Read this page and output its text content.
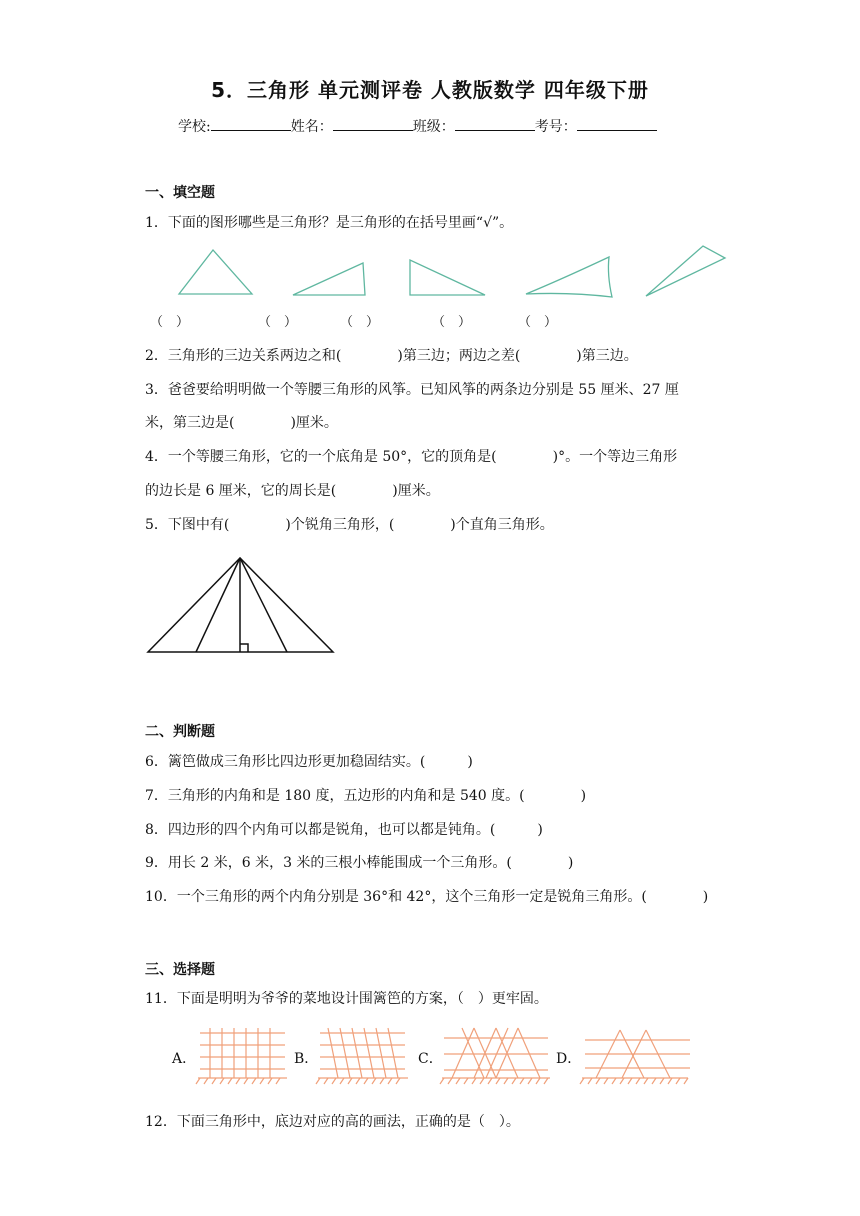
5．三角形 单元测评卷 人教版数学 四年级下册
学校:	姓名：	班级：	考号：
一、填空题
1．下面的图形哪些是三角形？是三角形的在括号里画“√”。
（　）	（　）	（　）	（　）	（　）
2．三角形的三边关系两边之和(　　　　)第三边；两边之差(　　　　)第三边。
3．爸爸要给明明做一个等腰三角形的风筝。已知风筝的两条边分别是 55 厘米、27 厘
米，第三边是(　　　　)厘米。
4．一个等腰三角形，它的一个底角是 50°，它的顶角是(　　　　)°。一个等边三角形
的边长是 6 厘米，它的周长是(　　　　)厘米。
5．下图中有(　　　　)个锐角三角形，(　　　　)个直角三角形。
二、判断题
6．篱笆做成三角形比四边形更加稳固结实。(　　　)
7．三角形的内角和是 180 度，五边形的内角和是 540 度。(　　　　)
8．四边形的四个内角可以都是锐角，也可以都是钝角。(　　　)
9．用长 2 米，6 米，3 米的三根小棒能围成一个三角形。(　　　　)
10．一个三角形的两个内角分别是 36°和 42°，这个三角形一定是锐角三角形。(　　　　)
三、选择题
11．下面是明明为爷爷的菜地设计围篱笆的方案，（　）更牢固。
A．	B．	C．	D．
12．下面三角形中，底边对应的高的画法，正确的是（　）。
